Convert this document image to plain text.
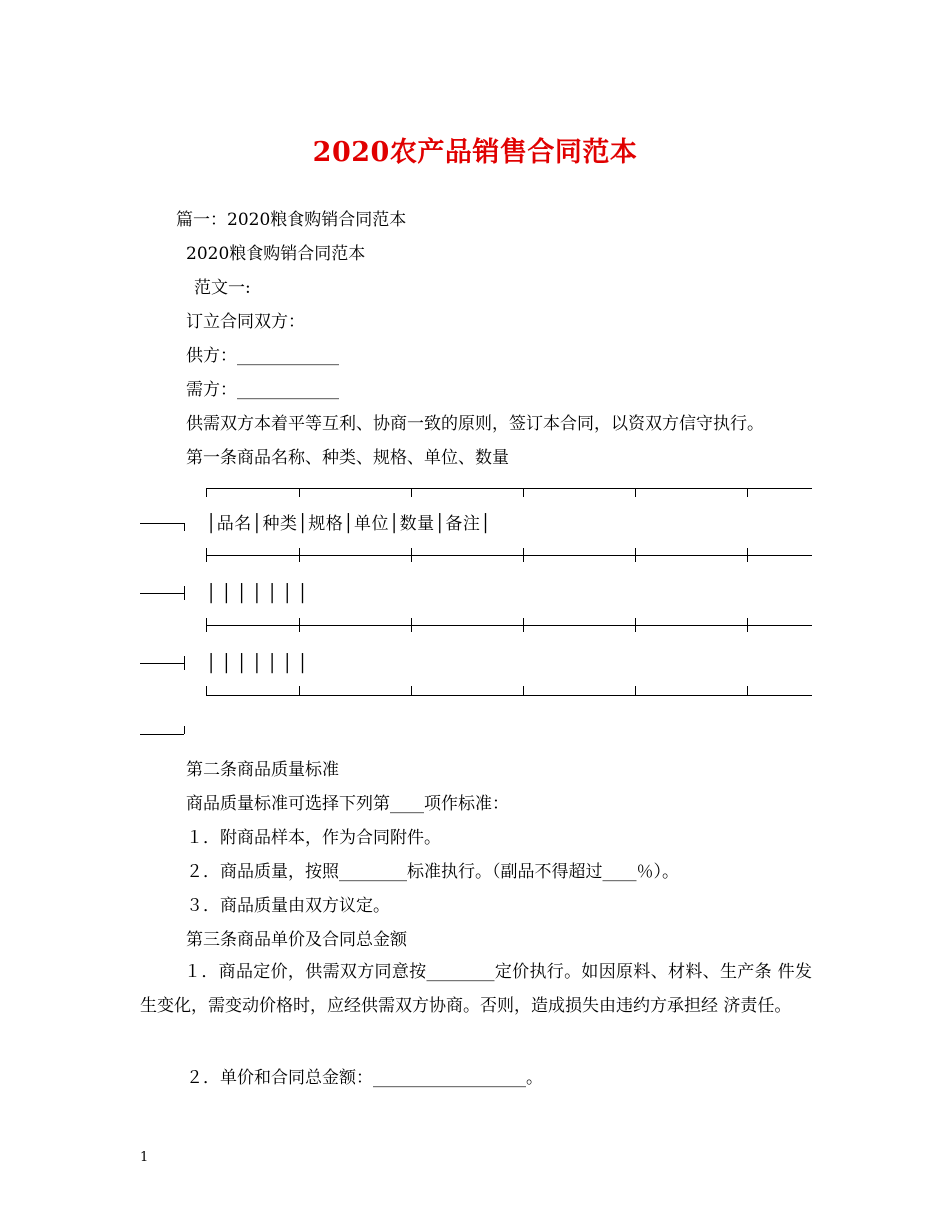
2020农产品销售合同范本
篇一：2020粮食购销合同范本
2020粮食购销合同范本
范文一:
订立合同双方：
供方：____________
需方：____________
供需双方本着平等互利、协商一致的原则，签订本合同，以资双方信守执行。
第一条商品名称、种类、规格、单位、数量
│品名│种类│规格│单位│数量│备注│
│││││││
│││││││
第二条商品质量标准
商品质量标准可选择下列第____项作标准：
１．附商品样本，作为合同附件。
２．商品质量，按照________标准执行。（副品不得超过____％）。
３．商品质量由双方议定。
第三条商品单价及合同总金额
１．商品定价，供需双方同意按________定价执行。如因原料、材料、生产条 件发生变化，需变动价格时，应经供需双方协商。否则，造成损失由违约方承担经 济责任。
２．单价和合同总金额：__________________。
1
